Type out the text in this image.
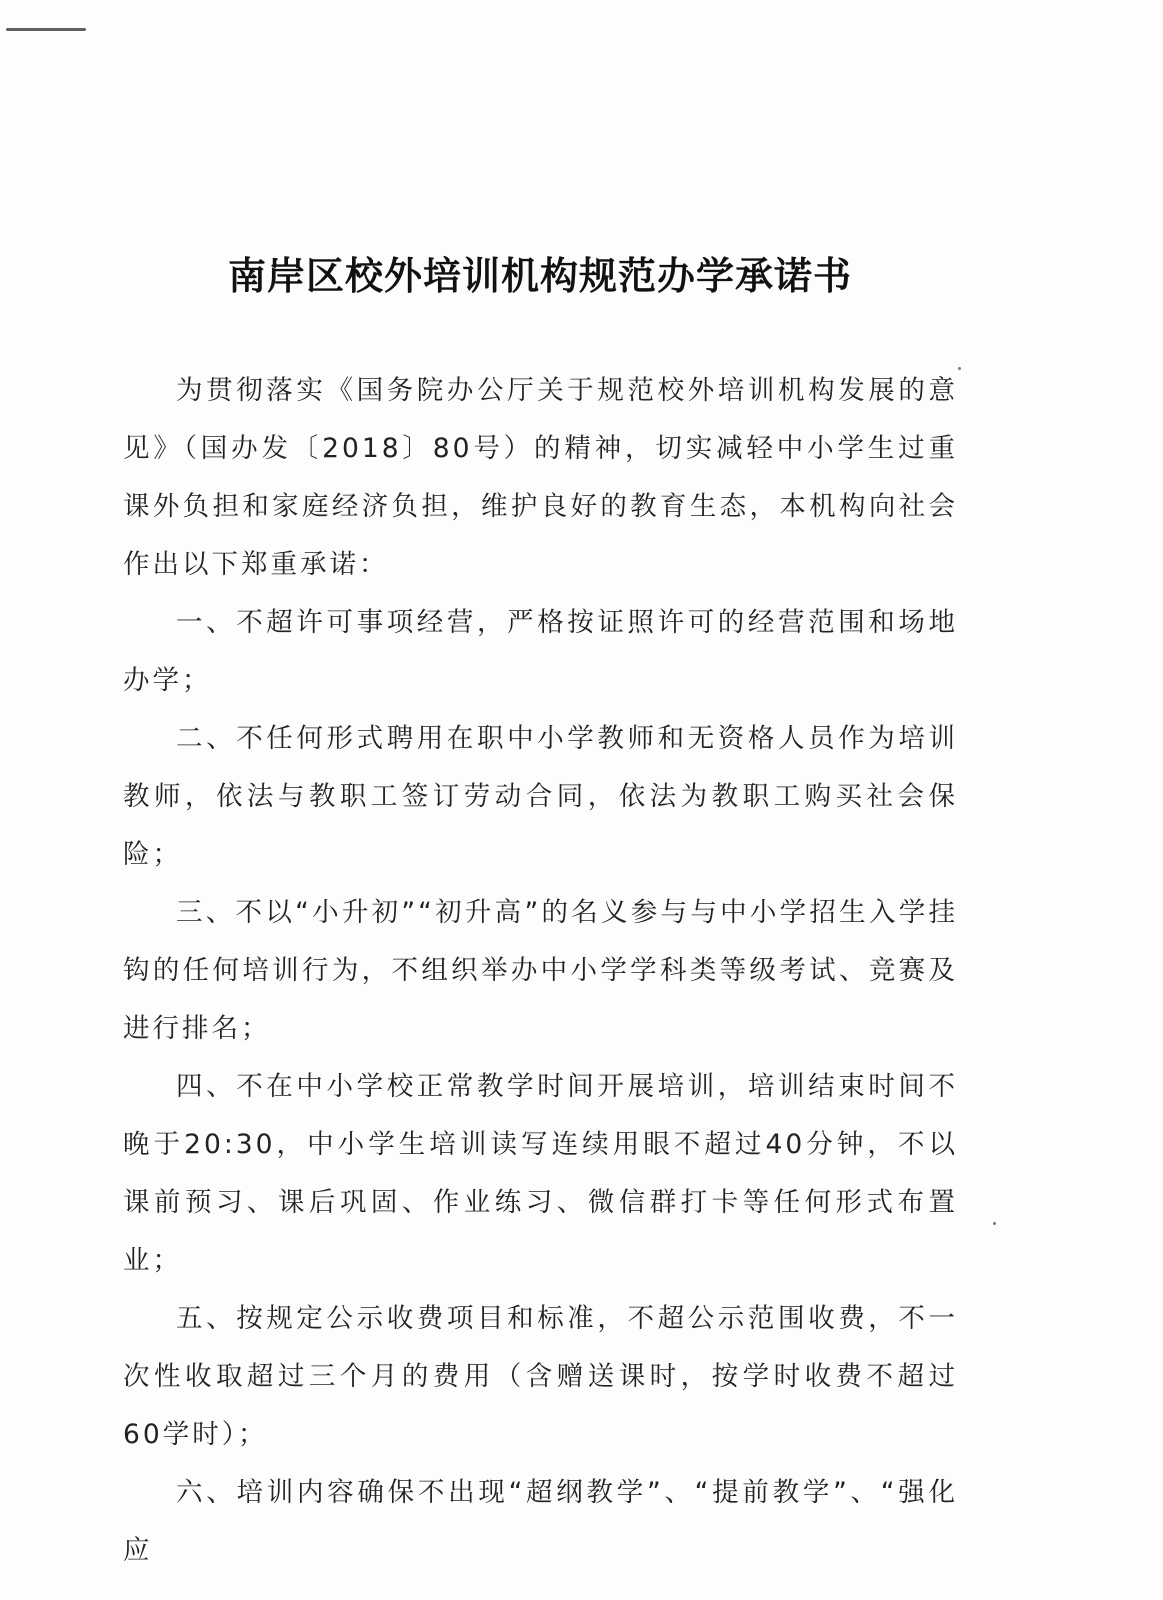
南岸区校外培训机构规范办学承诺书

为贯彻落实《国务院办公厅关于规范校外培训机构发展的意见》（国办发〔2018〕80号）的精神，切实减轻中小学生过重课外负担和家庭经济负担，维护良好的教育生态，本机构向社会作出以下郑重承诺：

一、不超许可事项经营，严格按证照许可的经营范围和场地办学；

二、不任何形式聘用在职中小学教师和无资格人员作为培训教师，依法与教职工签订劳动合同，依法为教职工购买社会保险；

三、不以“小升初”“初升高”的名义参与与中小学招生入学挂钩的任何培训行为，不组织举办中小学学科类等级考试、竞赛及进行排名；

四、不在中小学校正常教学时间开展培训，培训结束时间不晚于20:30，中小学生培训读写连续用眼不超过40分钟，不以课前预习、课后巩固、作业练习、微信群打卡等任何形式布置业；

五、按规定公示收费项目和标准，不超公示范围收费，不一次性收取超过三个月的费用（含赠送课时，按学时收费不超过60学时）；

六、培训内容确保不出现“超纲教学”、“提前教学”、“强化应
